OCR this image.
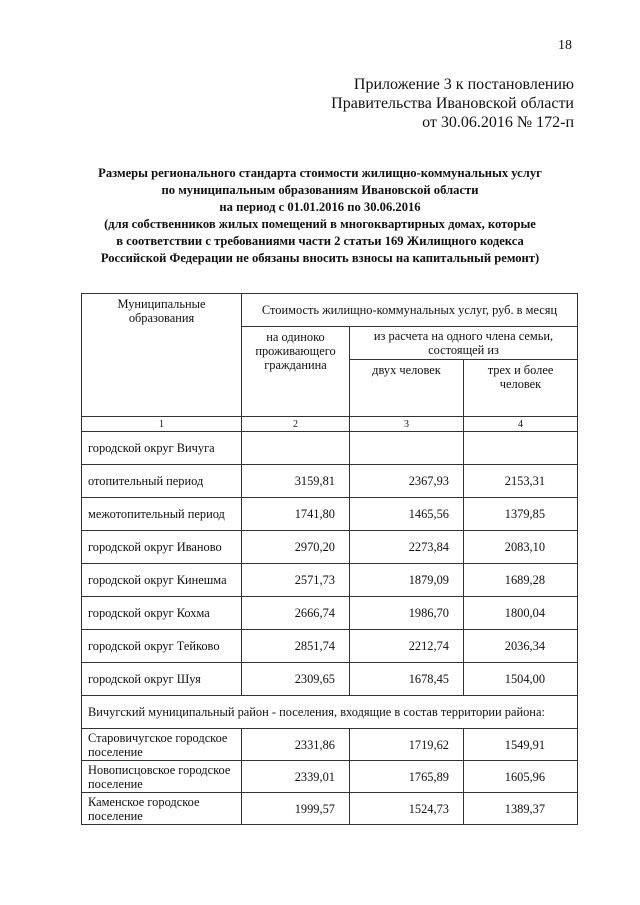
18
Приложение 3 к постановлению
Правительства Ивановской области
от 30.06.2016 № 172-п
Размеры регионального стандарта стоимости жилищно-коммунальных услуг
по муниципальным образованиям Ивановской области
на период с 01.01.2016 по 30.06.2016
(для собственников жилых помещений в многоквартирных домах, которые
в соответствии с требованиями части 2 статьи 169 Жилищного кодекса
Российской Федерации не обязаны вносить взносы на капитальный ремонт)
Муниципальные образования	Стоимость жилищно-коммунальных услуг, руб. в месяц		
	на одиноко проживающего гражданина	из расчета на одного члена семьи, состоящей из	
		двух человек	трех и более человек
1	2	3	4
городской округ Вичуга			
отопительный период	3159,81	2367,93	2153,31
межотопительный период	1741,80	1465,56	1379,85
городской округ Иваново	2970,20	2273,84	2083,10
городской округ Кинешма	2571,73	1879,09	1689,28
городской округ Кохма	2666,74	1986,70	1800,04
городской округ Тейково	2851,74	2212,74	2036,34
городской округ Шуя	2309,65	1678,45	1504,00
Вичугский муниципальный район - поселения, входящие в состав территории района:			
Старовичугское городское поселение	2331,86	1719,62	1549,91
Новописцовское городское поселение	2339,01	1765,89	1605,96
Каменское городское поселение	1999,57	1524,73	1389,37
